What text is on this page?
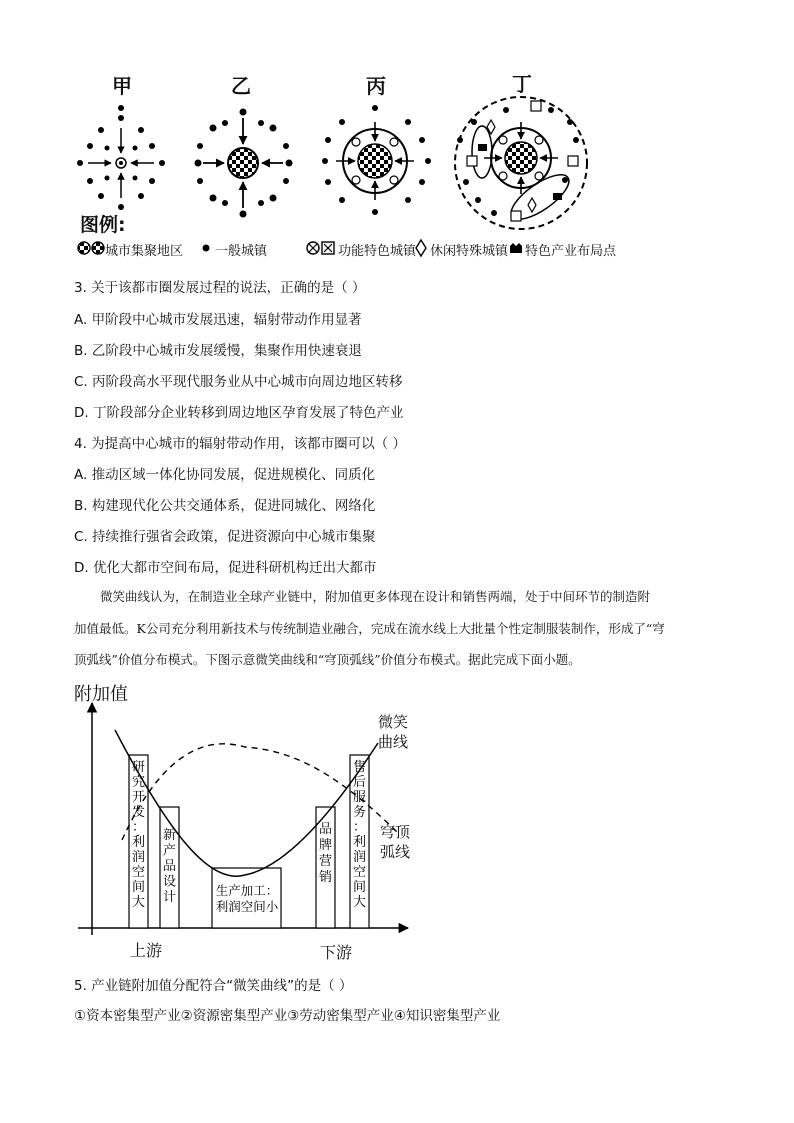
甲	乙	丙	丁
图例:
城市集聚地区 一般城镇	功能特色城镇 休闲特殊城镇 特色产业布局点
3. 关于该都市圈发展过程的说法，正确的是（ ）
A. 甲阶段中心城市发展迅速，辐射带动作用显著
B. 乙阶段中心城市发展缓慢，集聚作用快速衰退
C. 丙阶段高水平现代服务业从中心城市向周边地区转移
D. 丁阶段部分企业转移到周边地区孕育发展了特色产业
4. 为提高中心城市的辐射带动作用，该都市圈可以（ ）
A. 推动区域一体化协同发展，促进规模化、同质化
B. 构建现代化公共交通体系，促进同城化、网络化
C. 持续推行强省会政策，促进资源向中心城市集聚
D. 优化大都市空间布局，促进科研机构迁出大都市
微笑曲线认为，在制造业全球产业链中，附加值更多体现在设计和销售两端，处于中间环节的制造附
加值最低。K公司充分利用新技术与传统制造业融合，完成在流水线上大批量个性定制服装制作，形成了“穹
顶弧线”价值分布模式。下图示意微笑曲线和“穹顶弧线”价值分布模式。据此完成下面小题。
附加值
研
究
开
发
：
利
润
空
间
大
新
产
品
设
计
品
牌
营
销
售
后
服
务
：
利
润
空
间
大
生产加工：
利润空间小
微笑
曲线
穹顶
弧线
上游	下游
5. 产业链附加值分配符合“微笑曲线”的是（ ）
①资本密集型产业②资源密集型产业③劳动密集型产业④知识密集型产业
